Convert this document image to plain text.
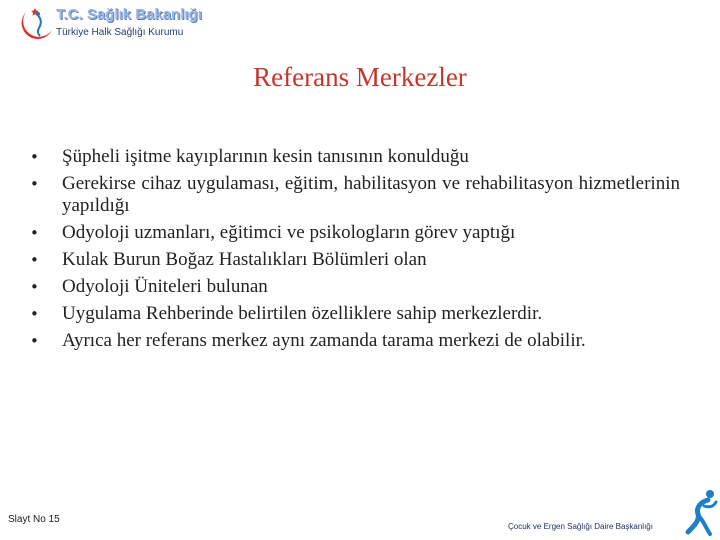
T.C. Sağlık Bakanlığı
Türkiye Halk Sağlığı Kurumu
Referans Merkezler
• Şüpheli işitme kayıplarının kesin tanısının konulduğu
• Gerekirse cihaz uygulaması, eğitim, habilitasyon ve rehabilitasyon hizmetlerinin yapıldığı
• Odyoloji uzmanları, eğitimci ve psikologların görev yaptığı
• Kulak Burun Boğaz Hastalıkları Bölümleri olan
• Odyoloji Üniteleri bulunan
• Uygulama Rehberinde belirtilen özelliklere sahip merkezlerdir.
• Ayrıca her referans merkez aynı zamanda tarama merkezi de olabilir.
Slayt No 15
Çocuk ve Ergen Sağlığı Daire Başkanlığı
